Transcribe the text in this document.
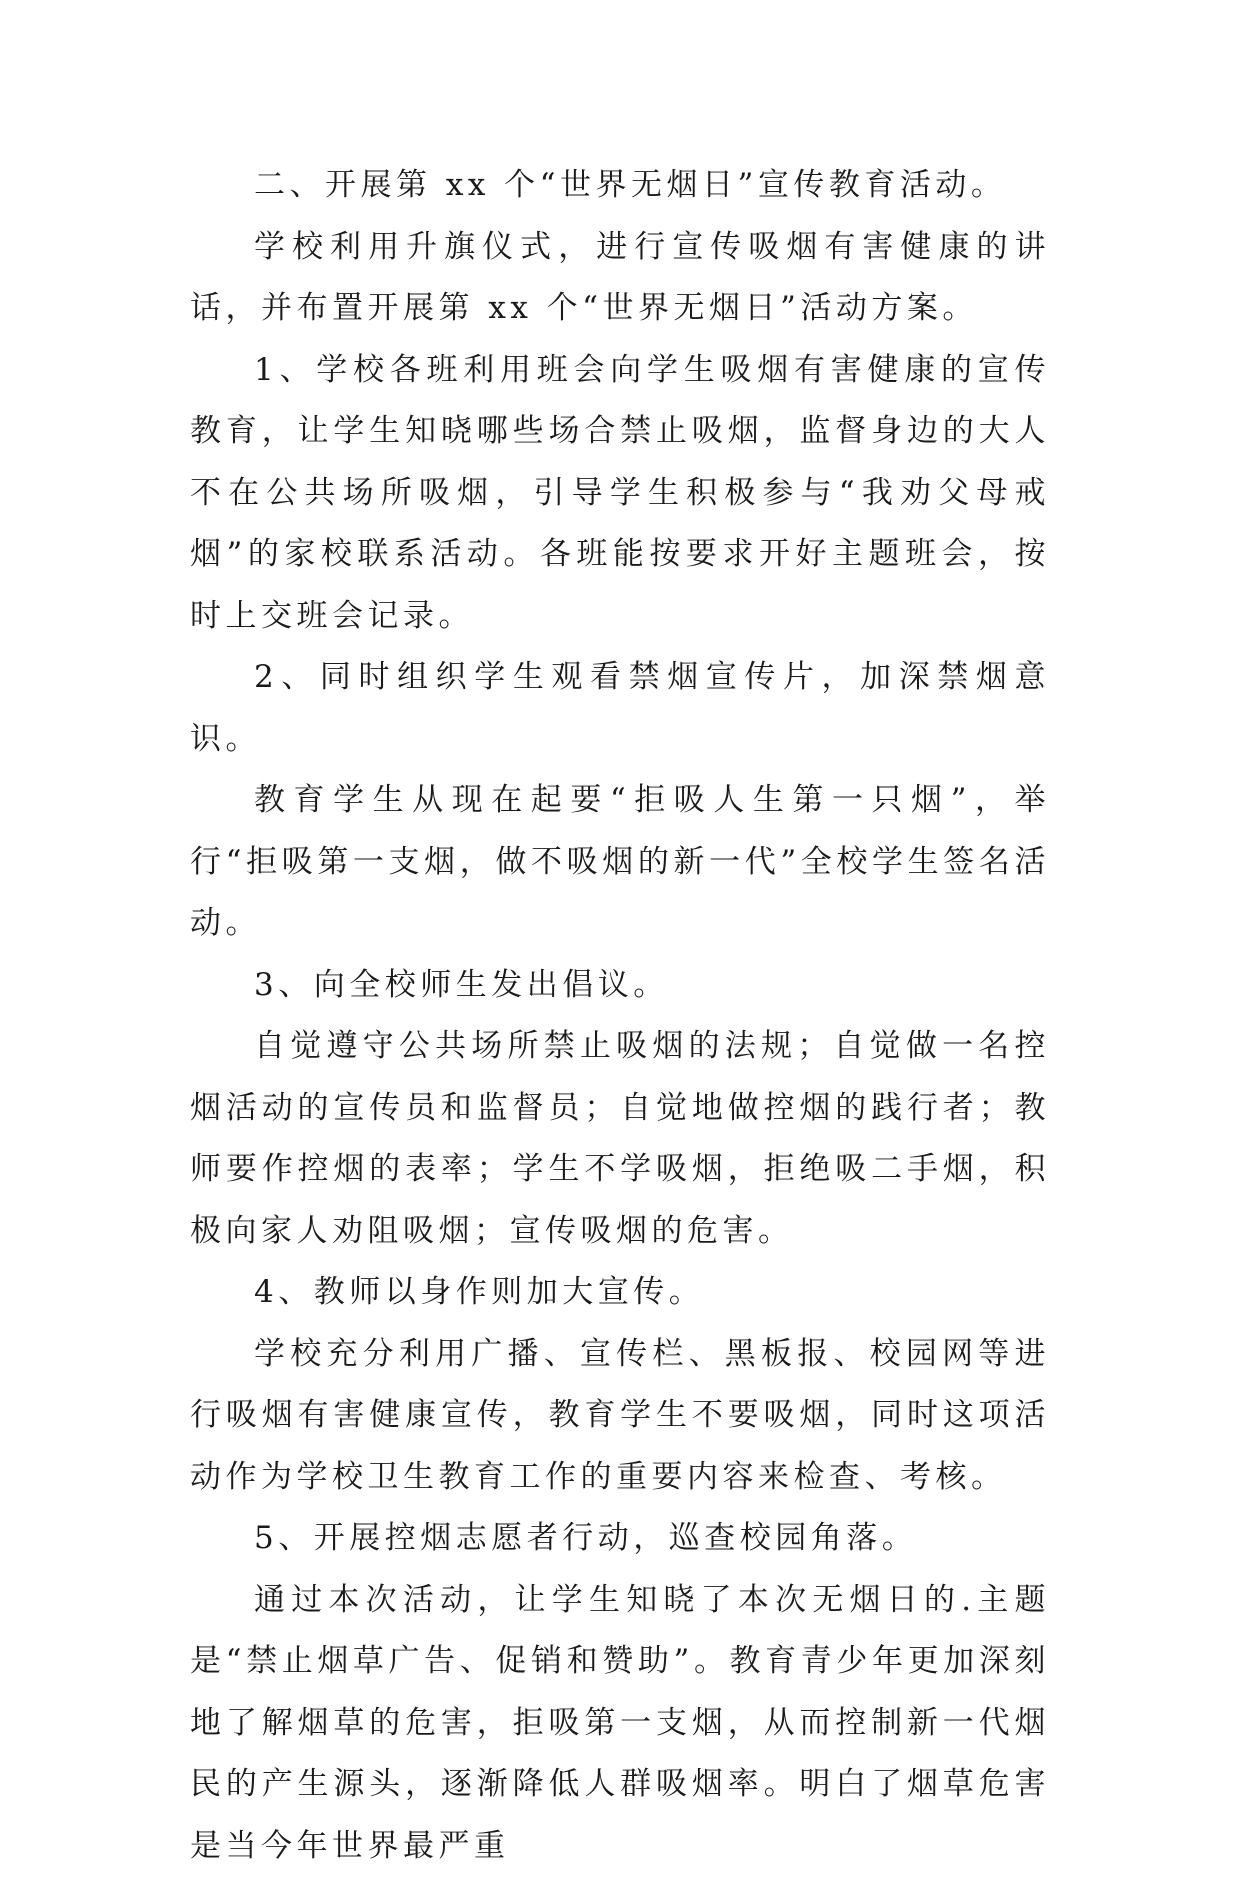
二、开展第 xx 个“世界无烟日”宣传教育活动。

学校利用升旗仪式，进行宣传吸烟有害健康的讲话，并布置开展第 xx 个“世界无烟日”活动方案。

1、学校各班利用班会向学生吸烟有害健康的宣传教育，让学生知晓哪些场合禁止吸烟，监督身边的大人不在公共场所吸烟，引导学生积极参与“我劝父母戒烟”的家校联系活动。各班能按要求开好主题班会，按时上交班会记录。

2、同时组织学生观看禁烟宣传片，加深禁烟意识。

教育学生从现在起要“拒吸人生第一只烟”，举行“拒吸第一支烟，做不吸烟的新一代”全校学生签名活动。

3、向全校师生发出倡议。

自觉遵守公共场所禁止吸烟的法规；自觉做一名控烟活动的宣传员和监督员；自觉地做控烟的践行者；教师要作控烟的表率；学生不学吸烟，拒绝吸二手烟，积极向家人劝阻吸烟；宣传吸烟的危害。

4、教师以身作则加大宣传。

学校充分利用广播、宣传栏、黑板报、校园网等进行吸烟有害健康宣传，教育学生不要吸烟，同时这项活动作为学校卫生教育工作的重要内容来检查、考核。

5、开展控烟志愿者行动，巡查校园角落。

通过本次活动，让学生知晓了本次无烟日的.主题是“禁止烟草广告、促销和赞助”。教育青少年更加深刻地了解烟草的危害，拒吸第一支烟，从而控制新一代烟民的产生源头，逐渐降低人群吸烟率。明白了烟草危害是当今年世界最严重
